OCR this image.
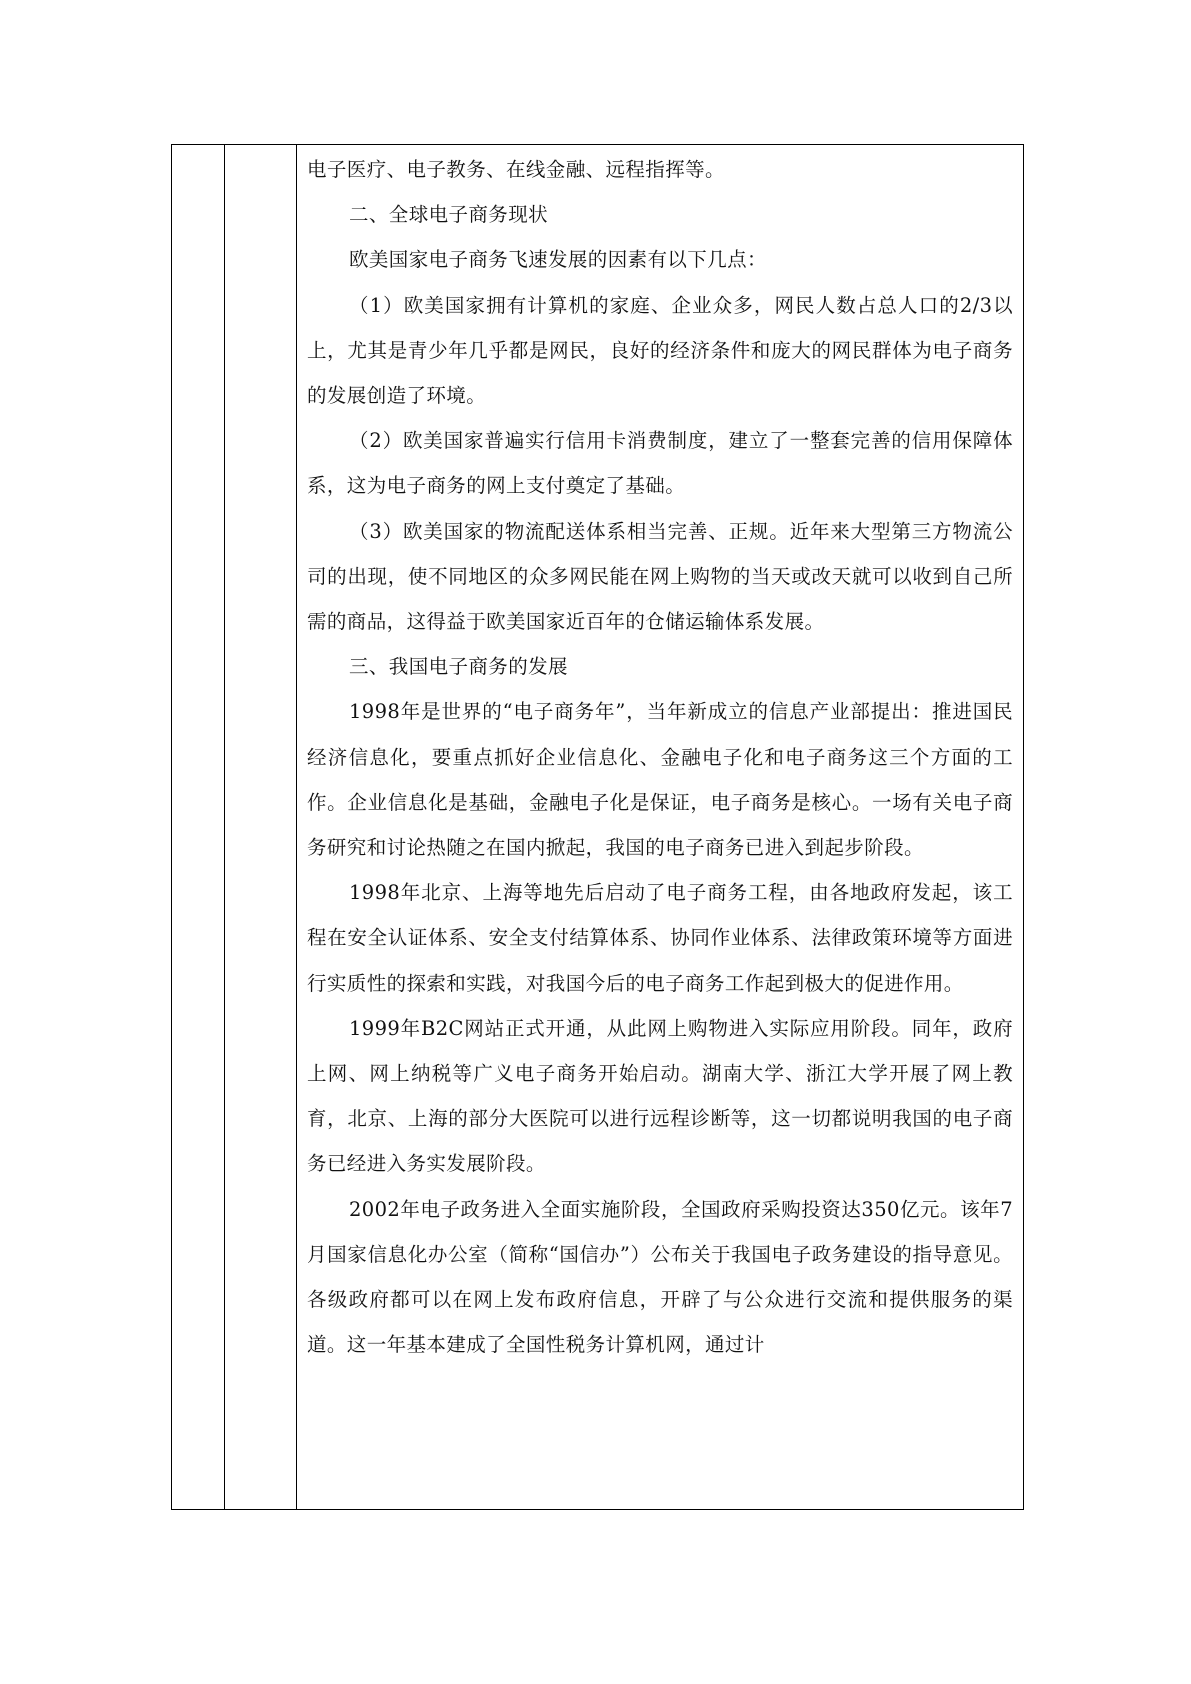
电子医疗、电子教务、在线金融、远程指挥等。

二、全球电子商务现状

欧美国家电子商务飞速发展的因素有以下几点：

（1）欧美国家拥有计算机的家庭、企业众多，网民人数占总人口的2/3以上，尤其是青少年几乎都是网民，良好的经济条件和庞大的网民群体为电子商务的发展创造了环境。

（2）欧美国家普遍实行信用卡消费制度，建立了一整套完善的信用保障体系，这为电子商务的网上支付奠定了基础。

（3）欧美国家的物流配送体系相当完善、正规。近年来大型第三方物流公司的出现，使不同地区的众多网民能在网上购物的当天或改天就可以收到自己所需的商品，这得益于欧美国家近百年的仓储运输体系发展。

三、我国电子商务的发展

1998年是世界的“电子商务年”，当年新成立的信息产业部提出：推进国民经济信息化，要重点抓好企业信息化、金融电子化和电子商务这三个方面的工作。企业信息化是基础，金融电子化是保证，电子商务是核心。一场有关电子商务研究和讨论热随之在国内掀起，我国的电子商务已进入到起步阶段。

1998年北京、上海等地先后启动了电子商务工程，由各地政府发起，该工程在安全认证体系、安全支付结算体系、协同作业体系、法律政策环境等方面进行实质性的探索和实践，对我国今后的电子商务工作起到极大的促进作用。

1999年B2C网站正式开通，从此网上购物进入实际应用阶段。同年，政府上网、网上纳税等广义电子商务开始启动。湖南大学、浙江大学开展了网上教育，北京、上海的部分大医院可以进行远程诊断等，这一切都说明我国的电子商务已经进入务实发展阶段。

2002年电子政务进入全面实施阶段，全国政府采购投资达350亿元。该年7月国家信息化办公室（简称“国信办”）公布关于我国电子政务建设的指导意见。各级政府都可以在网上发布政府信息，开辟了与公众进行交流和提供服务的渠道。这一年基本建成了全国性税务计算机网，通过计
